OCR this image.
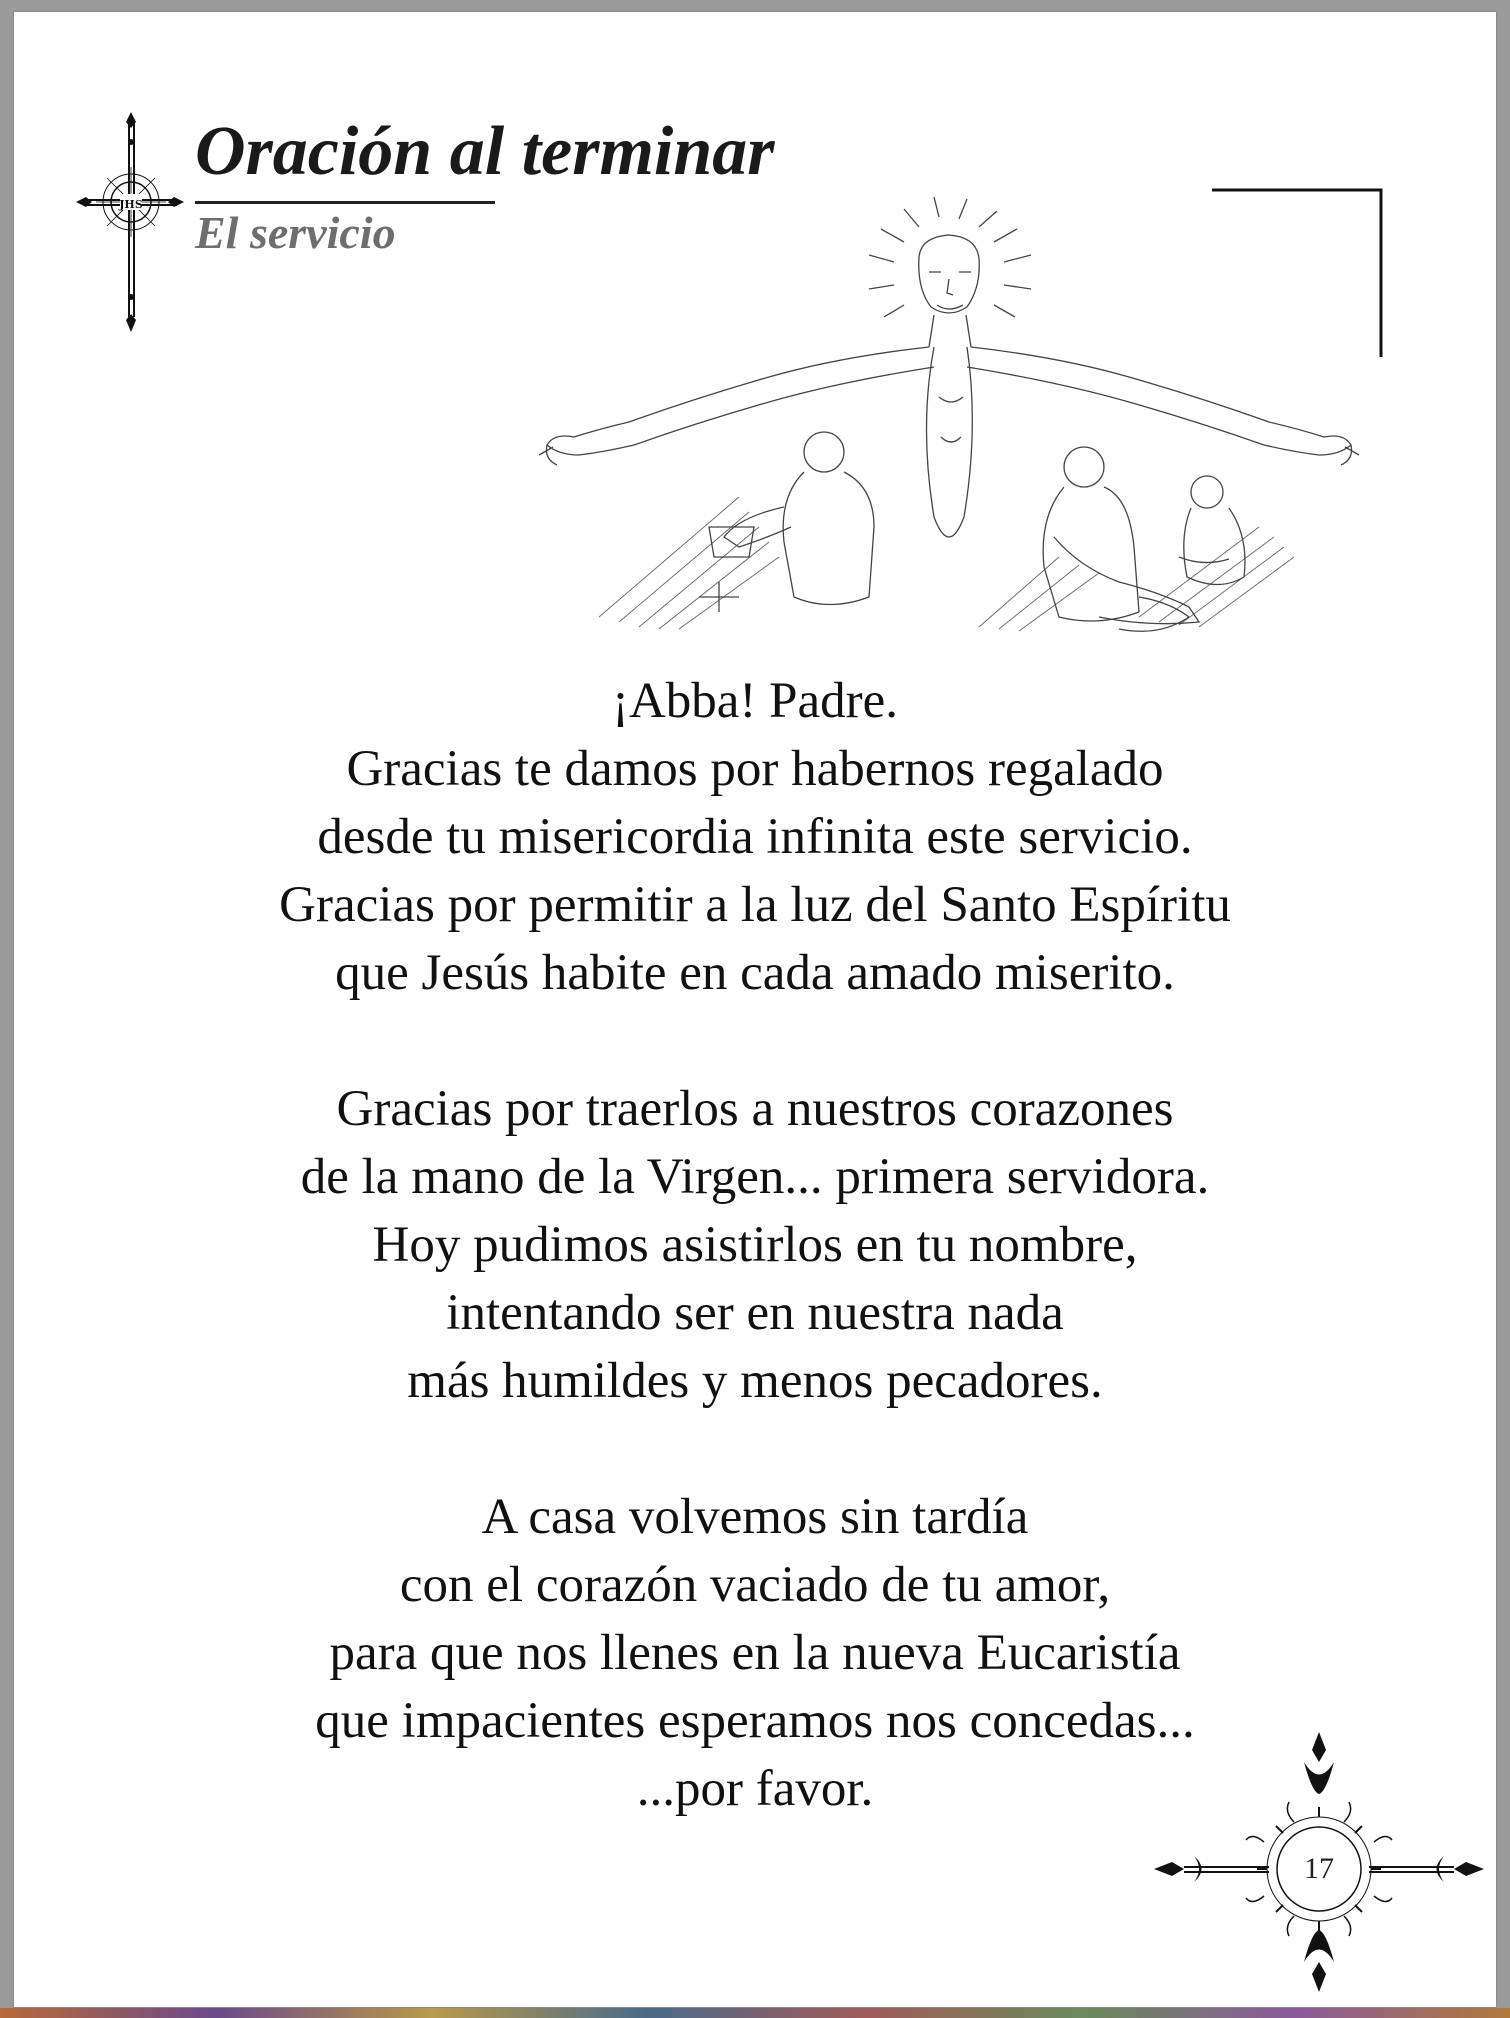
JHS
Oración al terminar
El servicio

¡Abba! Padre.
Gracias te damos por habernos regalado
desde tu misericordia infinita este servicio.
Gracias por permitir a la luz del Santo Espíritu
que Jesús habite en cada amado miserito.

Gracias por traerlos a nuestros corazones
de la mano de la Virgen... primera servidora.
Hoy pudimos asistirlos en tu nombre,
intentando ser en nuestra nada
más humildes y menos pecadores.

A casa volvemos sin tardía
con el corazón vaciado de tu amor,
para que nos llenes en la nueva Eucaristía
que impacientes esperamos nos concedas...
...por favor.

17
